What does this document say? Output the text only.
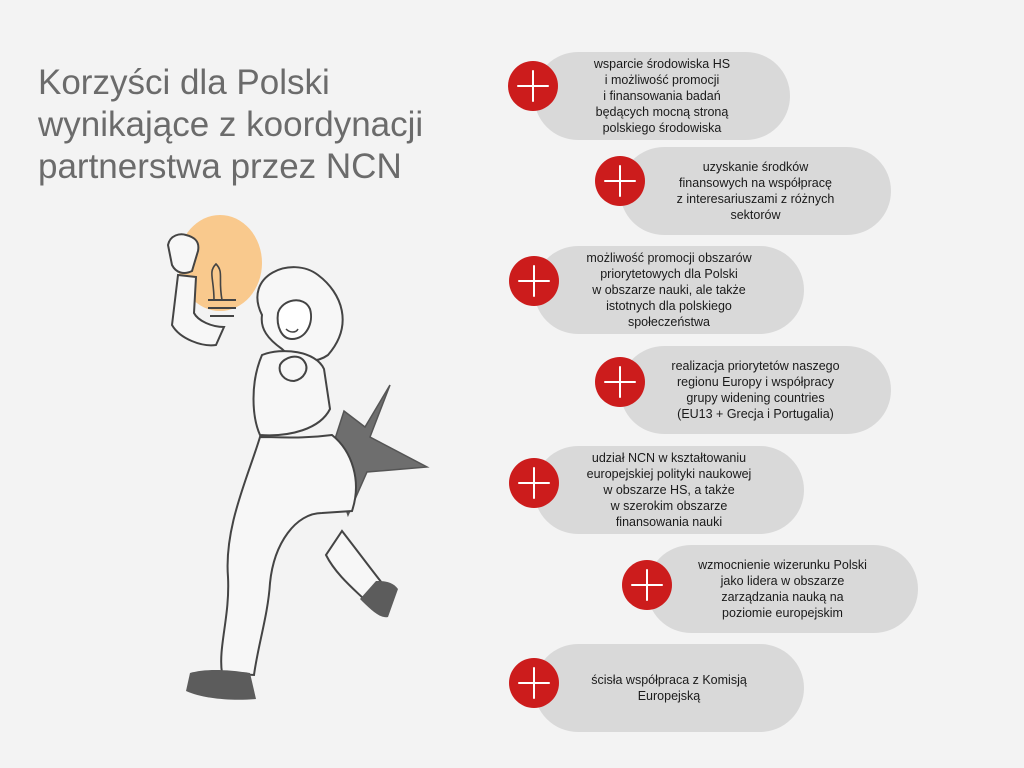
Korzyści dla Polski
wynikające z koordynacji
partnerstwa przez NCN
wsparcie środowiska HS
i możliwość promocji
i finansowania badań
będących mocną stroną
polskiego środowiska
uzyskanie środków
finansowych na współpracę
z interesariuszami z różnych
sektorów
możliwość promocji obszarów
priorytetowych dla Polski
w obszarze nauki, ale także
istotnych dla polskiego
społeczeństwa
realizacja priorytetów naszego
regionu Europy i współpracy
grupy widening countries
(EU13 + Grecja i Portugalia)
udział NCN w kształtowaniu
europejskiej polityki naukowej
w obszarze HS, a także
w szerokim obszarze
finansowania nauki
wzmocnienie wizerunku Polski
jako lidera w obszarze
zarządzania nauką na
poziomie europejskim
ścisła współpraca z Komisją
Europejską
